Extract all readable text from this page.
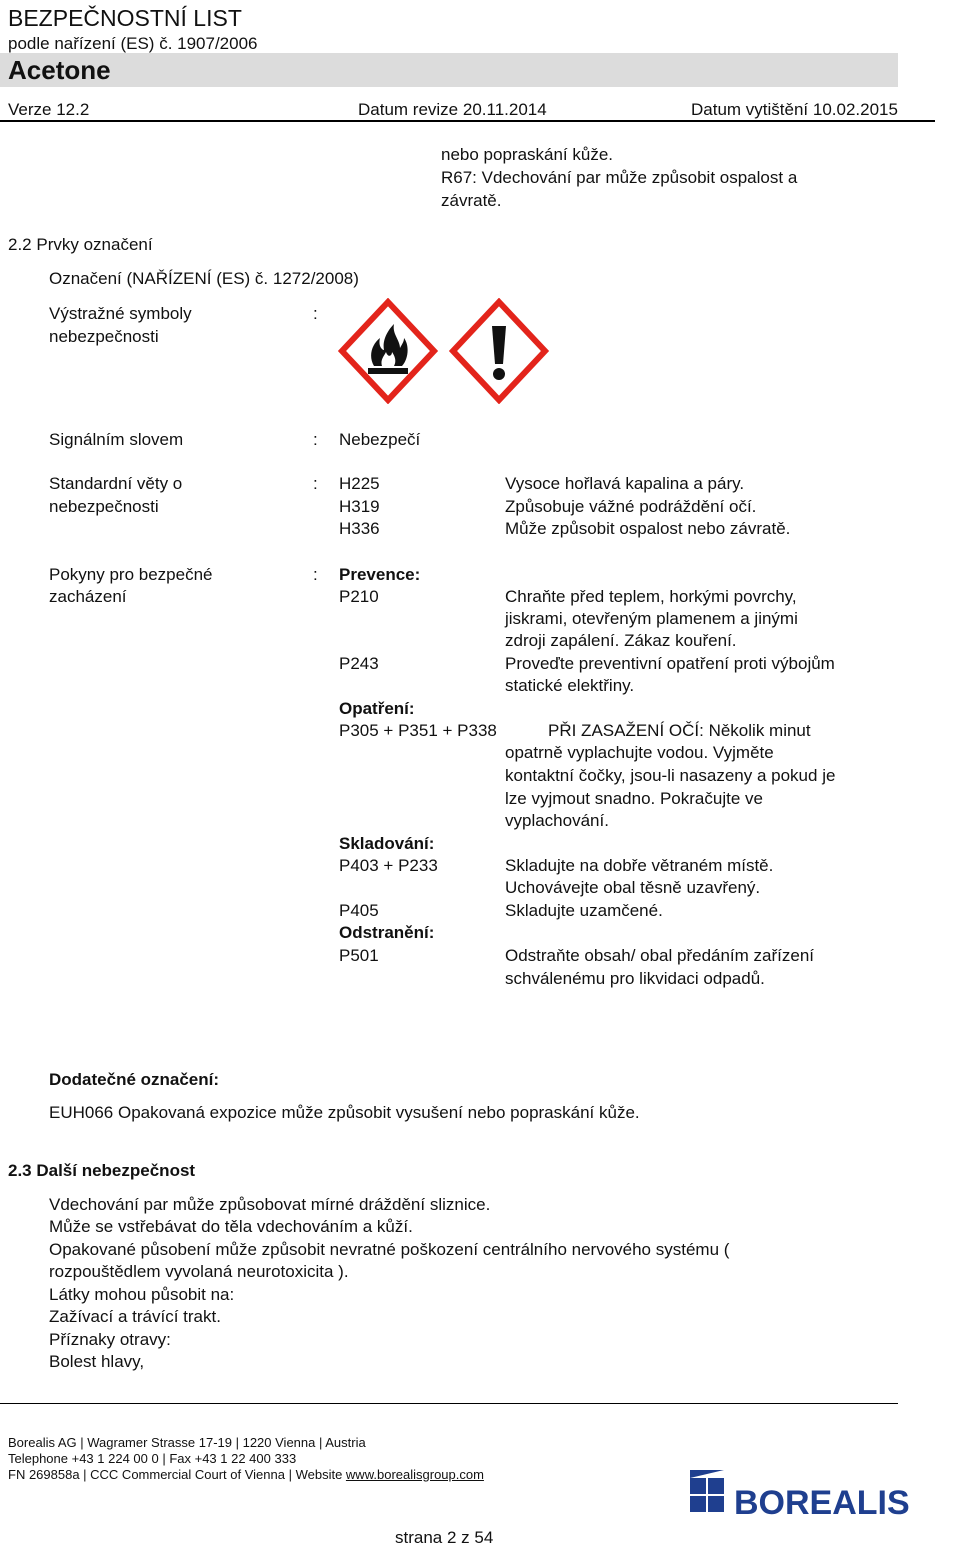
BEZPEČNOSTNÍ LIST
podle nařízení (ES) č. 1907/2006
Acetone
Verze 12.2	Datum revize 20.11.2014	Datum vytištění 10.02.2015
nebo popraskání kůže.
R67: Vdechování par může způsobit ospalost a
závratě.
2.2 Prvky označení
Označení (NAŘÍZENÍ (ES) č. 1272/2008)
Výstražné symboly
nebezpečnosti
:
Signálním slovem	: Nebezpečí
Standardní věty o
nebezpečnosti
: H225	Vysoce hořlavá kapalina a páry.
H319	Způsobuje vážné podráždění očí.
H336	Může způsobit ospalost nebo závratě.
Pokyny pro bezpečné
zacházení
: Prevence:
P210	Chraňte před teplem, horkými povrchy,
jiskrami, otevřeným plamenem a jinými
zdroji zapálení. Zákaz kouření.
P243	Proveďte preventivní opatření proti výbojům
statické elektřiny.
Opatření:
P305 + P351 + P338	PŘI ZASAŽENÍ OČÍ: Několik minut
opatrně vyplachujte vodou. Vyjměte
kontaktní čočky, jsou-li nasazeny a pokud je
lze vyjmout snadno. Pokračujte ve
vyplachování.
Skladování:
P403 + P233	Skladujte na dobře větraném místě.
Uchovávejte obal těsně uzavřený.
P405	Skladujte uzamčené.
Odstranění:
P501	Odstraňte obsah/ obal předáním zařízení
schválenému pro likvidaci odpadů.
Dodatečné označení:
EUH066 Opakovaná expozice může způsobit vysušení nebo popraskání kůže.
2.3 Další nebezpečnost
Vdechování par může způsobovat mírné dráždění sliznice.
Může se vstřebávat do těla vdechováním a kůží.
Opakované působení může způsobit nevratné poškození centrálního nervového systému (
rozpouštědlem vyvolaná neurotoxicita ).
Látky mohou působit na:
Zažívací a trávící trakt.
Příznaky otravy:
Bolest hlavy,
Borealis AG | Wagramer Strasse 17-19 | 1220 Vienna | Austria
Telephone +43 1 224 00 0 | Fax +43 1 22 400 333
FN 269858a | CCC Commercial Court of Vienna | Website www.borealisgroup.com
BOREALIS
strana 2 z 54
